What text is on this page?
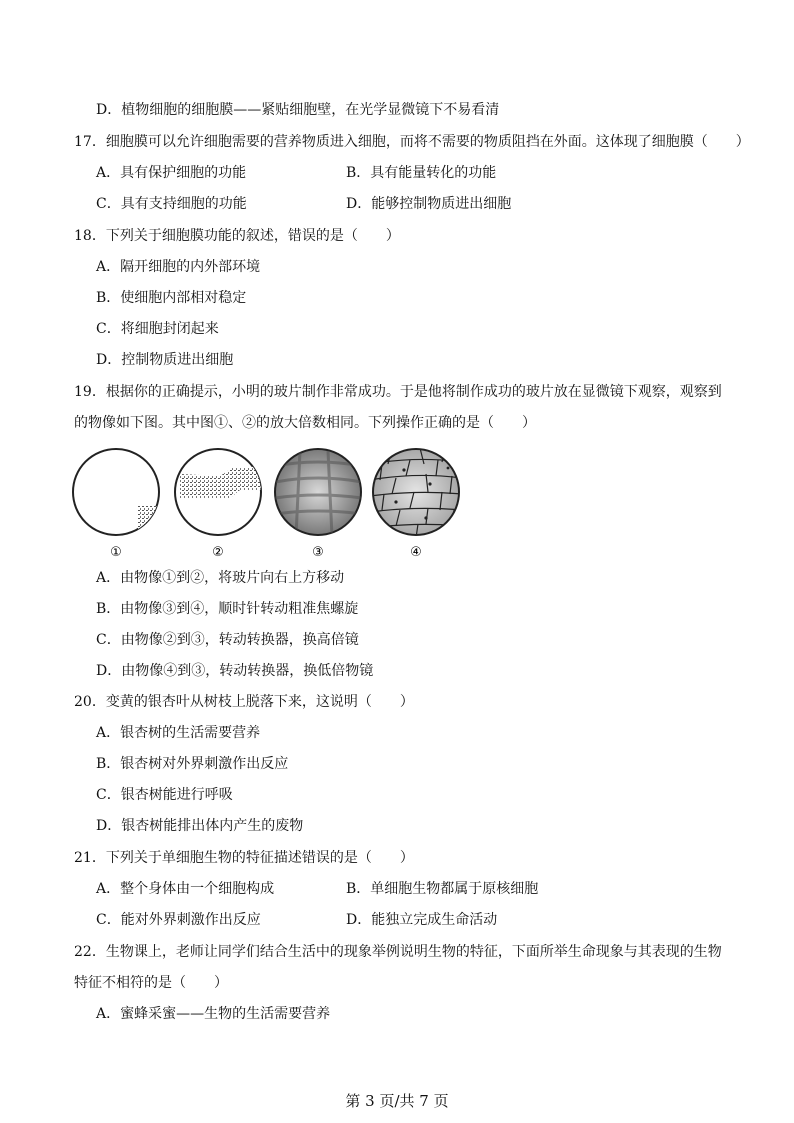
D．植物细胞的细胞膜——紧贴细胞壁，在光学显微镜下不易看清
17．细胞膜可以允许细胞需要的营养物质进入细胞，而将不需要的物质阻挡在外面。这体现了细胞膜（　　）
A．具有保护细胞的功能	B．具有能量转化的功能
C．具有支持细胞的功能	D．能够控制物质进出细胞
18．下列关于细胞膜功能的叙述，错误的是（　　）
A．隔开细胞的内外部环境
B．使细胞内部相对稳定
C．将细胞封闭起来
D．控制物质进出细胞
19．根据你的正确提示，小明的玻片制作非常成功。于是他将制作成功的玻片放在显微镜下观察，观察到
的物像如下图。其中图①、②的放大倍数相同。下列操作正确的是（　　）
①	②	③	④
A．由物像①到②，将玻片向右上方移动
B．由物像③到④，顺时针转动粗准焦螺旋
C．由物像②到③，转动转换器，换高倍镜
D．由物像④到③，转动转换器，换低倍物镜
20．变黄的银杏叶从树枝上脱落下来，这说明（　　）
A．银杏树的生活需要营养
B．银杏树对外界刺激作出反应
C．银杏树能进行呼吸
D．银杏树能排出体内产生的废物
21．下列关于单细胞生物的特征描述错误的是（　　）
A．整个身体由一个细胞构成	B．单细胞生物都属于原核细胞
C．能对外界刺激作出反应	D．能独立完成生命活动
22．生物课上，老师让同学们结合生活中的现象举例说明生物的特征，下面所举生命现象与其表现的生物
特征不相符的是（　　）
A．蜜蜂采蜜——生物的生活需要营养
第 3 页/共 7 页
